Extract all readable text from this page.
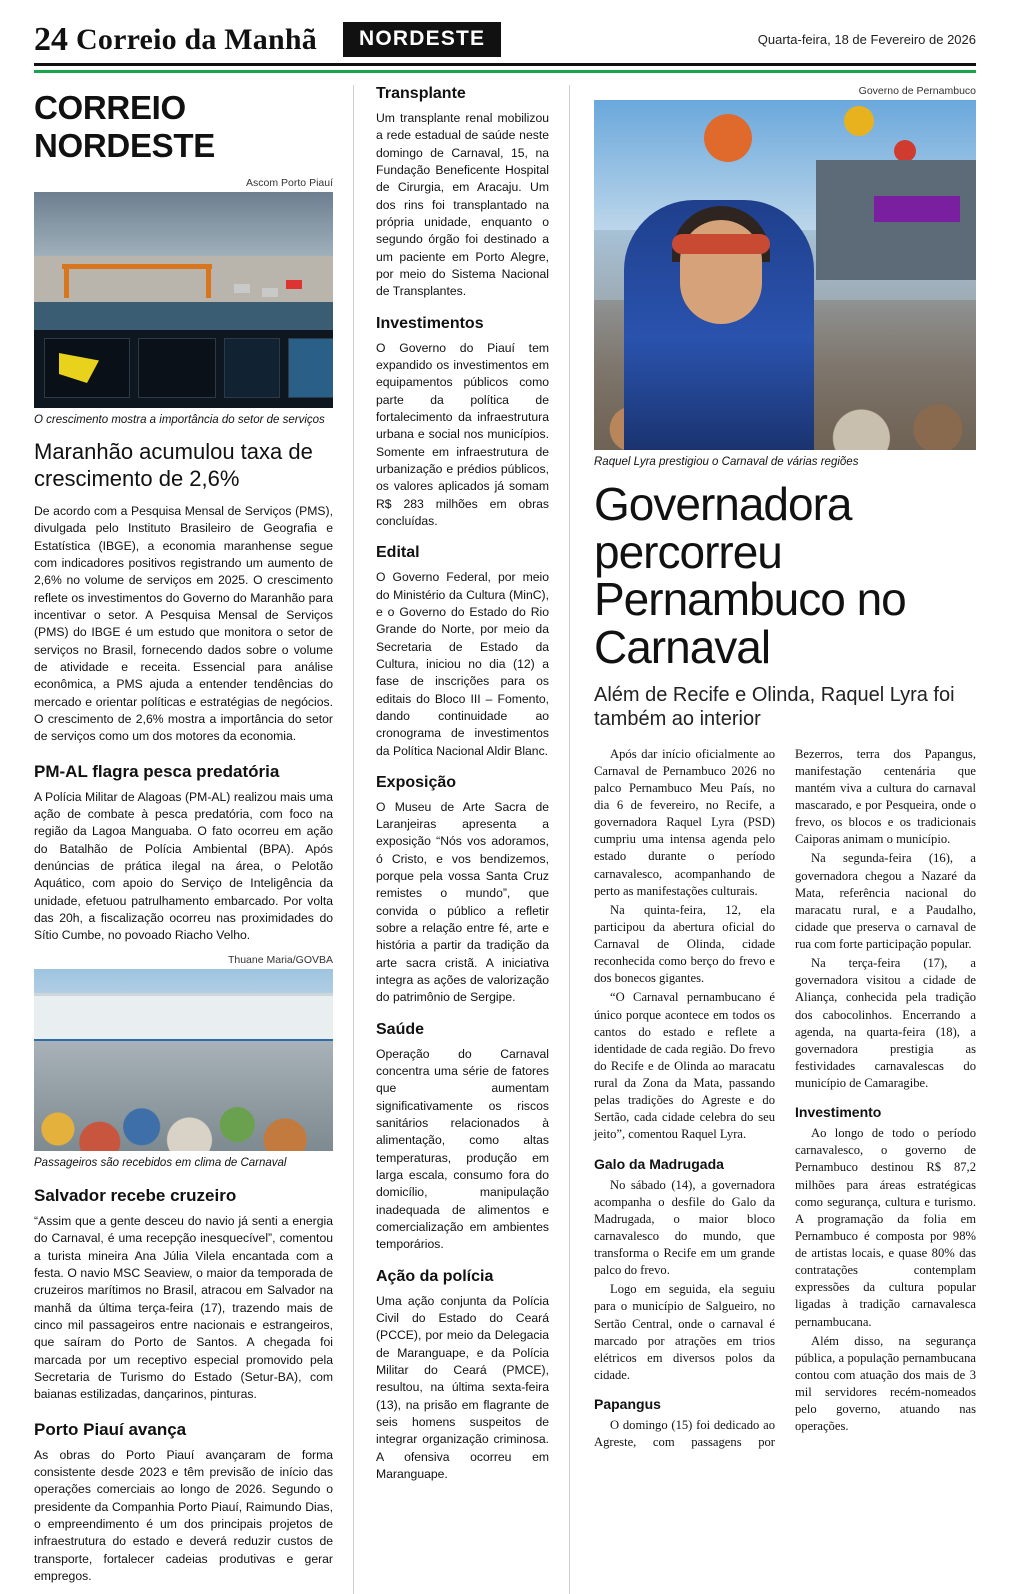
24 Correio da Manhã	NORDESTE	Quarta-feira, 18 de Fevereiro de 2026
CORREIO NORDESTE
Ascom Porto Piauí
O crescimento mostra a importância do setor de serviços
Maranhão acumulou taxa de crescimento de 2,6%

De acordo com a Pesquisa Mensal de Serviços (PMS), divulgada pelo Instituto Brasileiro de Geografia e Estatística (IBGE), a economia maranhense segue com indicadores positivos registrando um aumento de 2,6% no volume de serviços em 2025. O crescimento reflete os investimentos do Governo do Maranhão para incentivar o setor. A Pesquisa Mensal de Serviços (PMS) do IBGE é um estudo que monitora o setor de serviços no Brasil, fornecendo dados sobre o volume de atividade e receita. Essencial para análise econômica, a PMS ajuda a entender tendências do mercado e orientar políticas e estratégias de negócios. O crescimento de 2,6% mostra a importância do setor de serviços como um dos motores da economia.

PM-AL flagra pesca predatória

A Polícia Militar de Alagoas (PM-AL) realizou mais uma ação de combate à pesca predatória, com foco na região da Lagoa Manguaba. O fato ocorreu em ação do Batalhão de Polícia Ambiental (BPA). Após denúncias de prática ilegal na área, o Pelotão Aquático, com apoio do Serviço de Inteligência da unidade, efetuou patrulhamento embarcado. Por volta das 20h, a fiscalização ocorreu nas proximidades do Sítio Cumbe, no povoado Riacho Velho.

Thuane Maria/GOVBA
Passageiros são recebidos em clima de Carnaval
Salvador recebe cruzeiro

“Assim que a gente desceu do navio já senti a energia do Carnaval, é uma recepção inesquecível”, comentou a turista mineira Ana Júlia Vilela encantada com a festa. O navio MSC Seaview, o maior da temporada de cruzeiros marítimos no Brasil, atracou em Salvador na manhã da última terça-feira (17), trazendo mais de cinco mil passageiros entre nacionais e estrangeiros, que saíram do Porto de Santos. A chegada foi marcada por um receptivo especial promovido pela Secretaria de Turismo do Estado (Setur-BA), com baianas estilizadas, dançarinos, pinturas.

Porto Piauí avança

As obras do Porto Piauí avançaram de forma consistente desde 2023 e têm previsão de início das operações comerciais ao longo de 2026. Segundo o presidente da Companhia Porto Piauí, Raimundo Dias, o empreendimento é um dos principais projetos de infraestrutura do estado e deverá reduzir custos de transporte, fortalecer cadeias produtivas e gerar empregos.

Transplante

Um transplante renal mobilizou a rede estadual de saúde neste domingo de Carnaval, 15, na Fundação Beneficente Hospital de Cirurgia, em Aracaju. Um dos rins foi transplantado na própria unidade, enquanto o segundo órgão foi destinado a um paciente em Porto Alegre, por meio do Sistema Nacional de Transplantes.

Investimentos

O Governo do Piauí tem expandido os investimentos em equipamentos públicos como parte da política de fortalecimento da infraestrutura urbana e social nos municípios. Somente em infraestrutura de urbanização e prédios públicos, os valores aplicados já somam R$ 283 milhões em obras concluídas.

Edital

O Governo Federal, por meio do Ministério da Cultura (MinC), e o Governo do Estado do Rio Grande do Norte, por meio da Secretaria de Estado da Cultura, iniciou no dia (12) a fase de inscrições para os editais do Bloco III – Fomento, dando continuidade ao cronograma de investimentos da Política Nacional Aldir Blanc.

Exposição

O Museu de Arte Sacra de Laranjeiras apresenta a exposição “Nós vos adoramos, ó Cristo, e vos bendizemos, porque pela vossa Santa Cruz remistes o mundo”, que convida o público a refletir sobre a relação entre fé, arte e história a partir da tradição da arte sacra cristã. A iniciativa integra as ações de valorização do patrimônio de Sergipe.

Saúde

Operação do Carnaval concentra uma série de fatores que aumentam significativamente os riscos sanitários relacionados à alimentação, como altas temperaturas, produção em larga escala, consumo fora do domicílio, manipulação inadequada de alimentos e comercialização em ambientes temporários.

Ação da polícia

Uma ação conjunta da Polícia Civil do Estado do Ceará (PCCE), por meio da Delegacia de Maranguape, e da Polícia Militar do Ceará (PMCE), resultou, na última sexta-feira (13), na prisão em flagrante de seis homens suspeitos de integrar organização criminosa. A ofensiva ocorreu em Maranguape.

Governo de Pernambuco
Raquel Lyra prestigiou o Carnaval de várias regiões
Governadora percorreu Pernambuco no Carnaval
Além de Recife e Olinda, Raquel Lyra foi também ao interior

Após dar início oficialmente ao Carnaval de Pernambuco 2026 no palco Pernambuco Meu País, no dia 6 de fevereiro, no Recife, a governadora Raquel Lyra (PSD) cumpriu uma intensa agenda pelo estado durante o período carnavalesco, acompanhando de perto as manifestações culturais.

Na quinta-feira, 12, ela participou da abertura oficial do Carnaval de Olinda, cidade reconhecida como berço do frevo e dos bonecos gigantes.

“O Carnaval pernambucano é único porque acontece em todos os cantos do estado e reflete a identidade de cada região. Do frevo do Recife e de Olinda ao maracatu rural da Zona da Mata, passando pelas tradições do Agreste e do Sertão, cada cidade celebra do seu jeito”, comentou Raquel Lyra.

Galo da Madrugada

No sábado (14), a governadora acompanha o desfile do Galo da Madrugada, o maior bloco carnavalesco do mundo, que transforma o Recife em um grande palco do frevo.

Logo em seguida, ela seguiu para o município de Salgueiro, no Sertão Central, onde o carnaval é marcado por atrações em trios elétricos em diversos polos da cidade.

Papangus

O domingo (15) foi dedicado ao Agreste, com passagens por Bezerros, terra dos Papangus, manifestação centenária que mantém viva a cultura do carnaval mascarado, e por Pesqueira, onde o frevo, os blocos e os tradicionais Caiporas animam o município.

Na segunda-feira (16), a governadora chegou a Nazaré da Mata, referência nacional do maracatu rural, e a Paudalho, cidade que preserva o carnaval de rua com forte participação popular.

Na terça-feira (17), a governadora visitou a cidade de Aliança, conhecida pela tradição dos cabocolinhos. Encerrando a agenda, na quarta-feira (18), a governadora prestigia as festividades carnavalescas do município de Camaragibe.

Investimento

Ao longo de todo o período carnavalesco, o governo de Pernambuco destinou R$ 87,2 milhões para áreas estratégicas como segurança, cultura e turismo. A programação da folia em Pernambuco é composta por 98% de artistas locais, e quase 80% das contratações contemplam expressões da cultura popular ligadas à tradição carnavalesca pernambucana.

Além disso, na segurança pública, a população pernambucana contou com atuação dos mais de 3 mil servidores recém-nomeados pelo governo, atuando nas operações.
